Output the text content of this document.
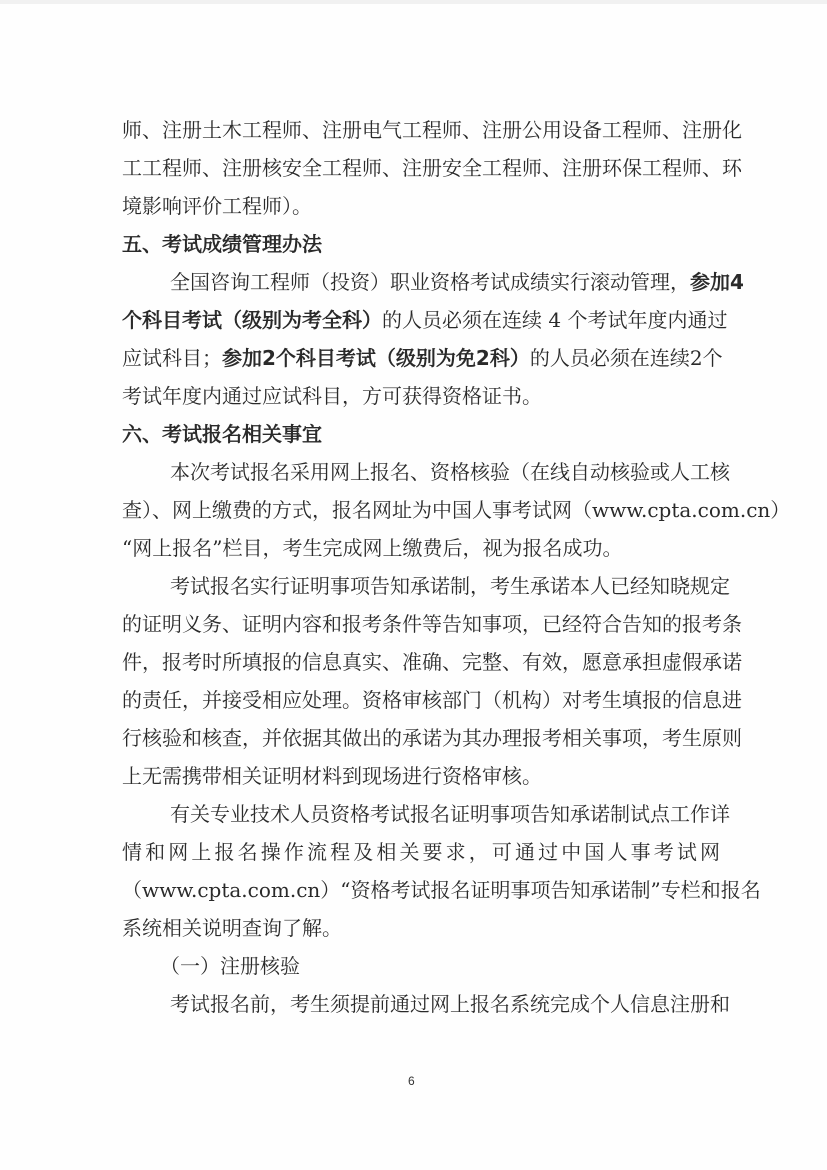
师、注册土木工程师、注册电气工程师、注册公用设备工程师、注册化
工工程师、注册核安全工程师、注册安全工程师、注册环保工程师、环
境影响评价工程师）。
五、考试成绩管理办法
全国咨询工程师（投资）职业资格考试成绩实行滚动管理，参加4
个科目考试（级别为考全科）的人员必须在连续 4 个考试年度内通过
应试科目；参加2个科目考试（级别为免2科）的人员必须在连续2个
考试年度内通过应试科目，方可获得资格证书。
六、考试报名相关事宜
本次考试报名采用网上报名、资格核验（在线自动核验或人工核
查）、网上缴费的方式，报名网址为中国人事考试网（www.cpta.com.cn）
“网上报名”栏目，考生完成网上缴费后，视为报名成功。
考试报名实行证明事项告知承诺制，考生承诺本人已经知晓规定
的证明义务、证明内容和报考条件等告知事项，已经符合告知的报考条
件，报考时所填报的信息真实、准确、完整、有效，愿意承担虚假承诺
的责任，并接受相应处理。资格审核部门（机构）对考生填报的信息进
行核验和核查，并依据其做出的承诺为其办理报考相关事项，考生原则
上无需携带相关证明材料到现场进行资格审核。
有关专业技术人员资格考试报名证明事项告知承诺制试点工作详
情和网上报名操作流程及相关要求，可通过中国人事考试网
（www.cpta.com.cn）“资格考试报名证明事项告知承诺制”专栏和报名
系统相关说明查询了解。
（一）注册核验
考试报名前，考生须提前通过网上报名系统完成个人信息注册和
6
